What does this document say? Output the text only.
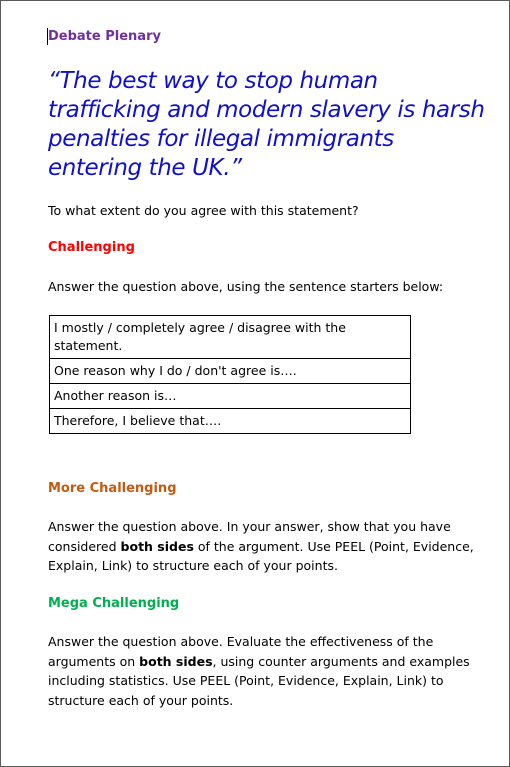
Debate Plenary
“The best way to stop human trafficking and modern slavery is harsh penalties for illegal immigrants entering the UK.”
To what extent do you agree with this statement?
Challenging
Answer the question above, using the sentence starters below:
I mostly / completely agree / disagree with the statement.
One reason why I do / don't agree is….
Another reason is…
Therefore, I believe that….
More Challenging
Answer the question above. In your answer, show that you have considered both sides of the argument. Use PEEL (Point, Evidence, Explain, Link) to structure each of your points.
Mega Challenging
Answer the question above. Evaluate the effectiveness of the arguments on both sides, using counter arguments and examples including statistics. Use PEEL (Point, Evidence, Explain, Link) to structure each of your points.
